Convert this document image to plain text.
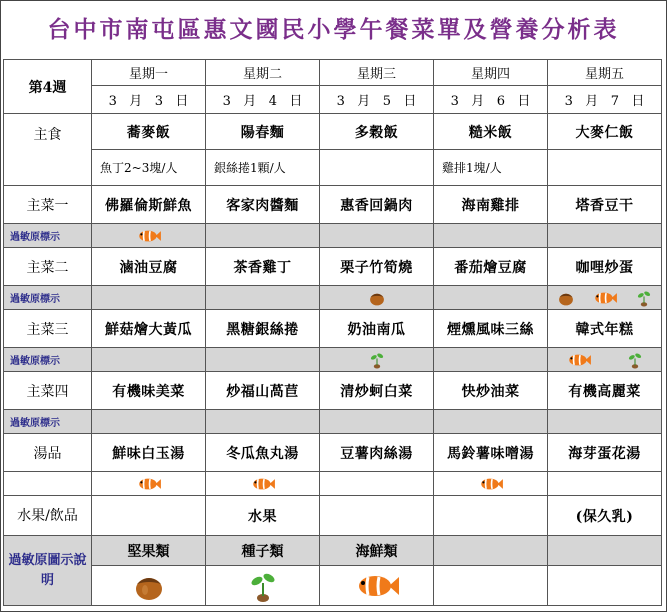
台中市南屯區惠文國民小學午餐菜單及營養分析表
第4週	星期一	星期二	星期三	星期四	星期五
	3 月 3 日	3 月 4 日	3 月 5 日	3 月 6 日	3 月 7 日
主食	蕎麥飯	陽春麵	多穀飯	糙米飯	大麥仁飯
	魚丁2~3塊/人	銀絲捲1顆/人		雞排1塊/人	
主菜一	佛羅倫斯鮮魚	客家肉醬麵	惠香回鍋肉	海南雞排	塔香豆干
過敏原標示	

主菜二	滷油豆腐	茶香雞丁	栗子竹筍燒	番茄燴豆腐	咖哩炒蛋
過敏原標示			

主菜三	鮮菇燴大黃瓜	黑糖銀絲捲	奶油南瓜	煙燻風味三絲	韓式年糕
過敏原標示			

主菜四	有機味美菜	炒福山萵苣	清炒蚵白菜	快炒油菜	有機高麗菜
過敏原標示					
湯品	鮮味白玉湯	冬瓜魚丸湯	豆薯肉絲湯	馬鈴薯味噌湯	海芽蛋花湯

水果/飲品		水果			(保久乳)
過敏原圖示說明	堅果類	種子類	海鮮類		
